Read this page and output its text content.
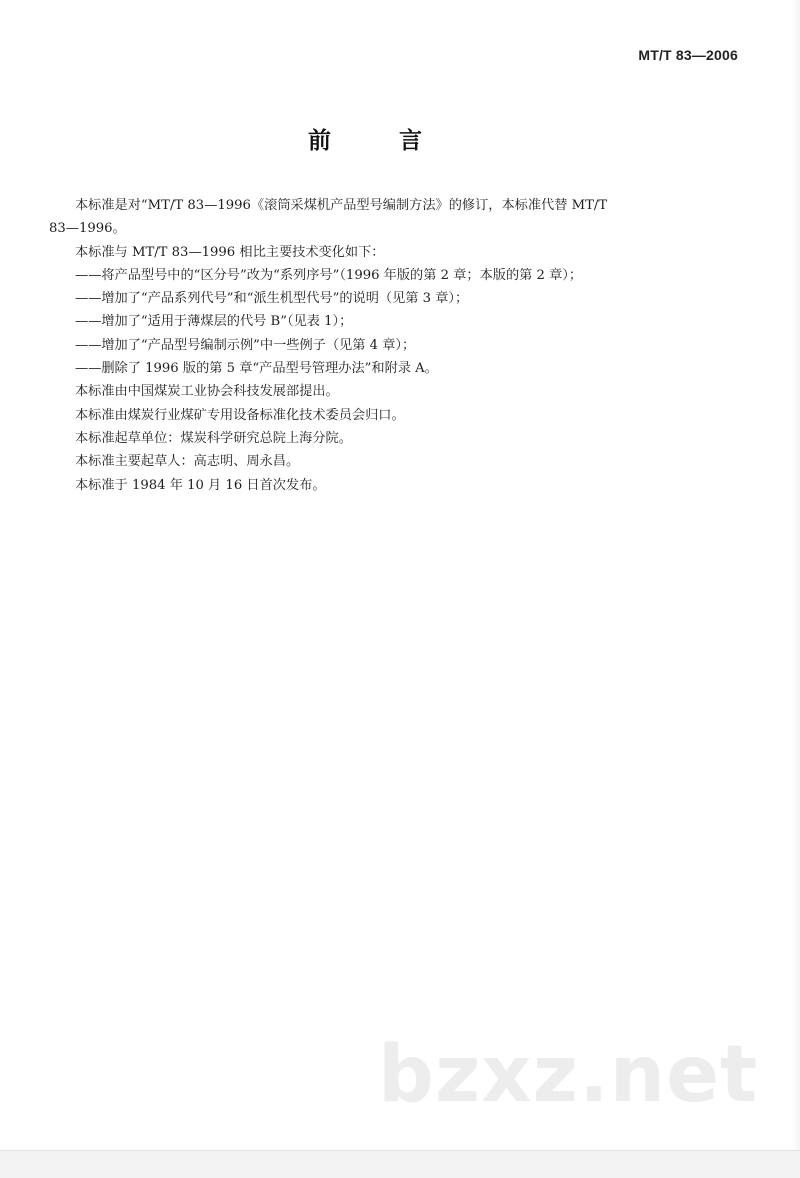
MT/T 83—2006
前 言

本标准是对“MT/T 83—1996《滚筒采煤机产品型号编制方法》的修订，本标准代替 MT/T
83—1996。

本标准与 MT/T 83—1996 相比主要技术变化如下：

——将产品型号中的“区分号”改为“系列序号”（1996 年版的第 2 章；本版的第 2 章）；

——增加了“产品系列代号”和“派生机型代号”的说明（见第 3 章）；

——增加了“适用于薄煤层的代号 B”（见表 1）；

——增加了“产品型号编制示例”中一些例子（见第 4 章）；

——删除了 1996 版的第 5 章“产品型号管理办法”和附录 A。

本标准由中国煤炭工业协会科技发展部提出。

本标准由煤炭行业煤矿专用设备标准化技术委员会归口。

本标准起草单位：煤炭科学研究总院上海分院。

本标准主要起草人：高志明、周永昌。

本标准于 1984 年 10 月 16 日首次发布。

bzxz.net
